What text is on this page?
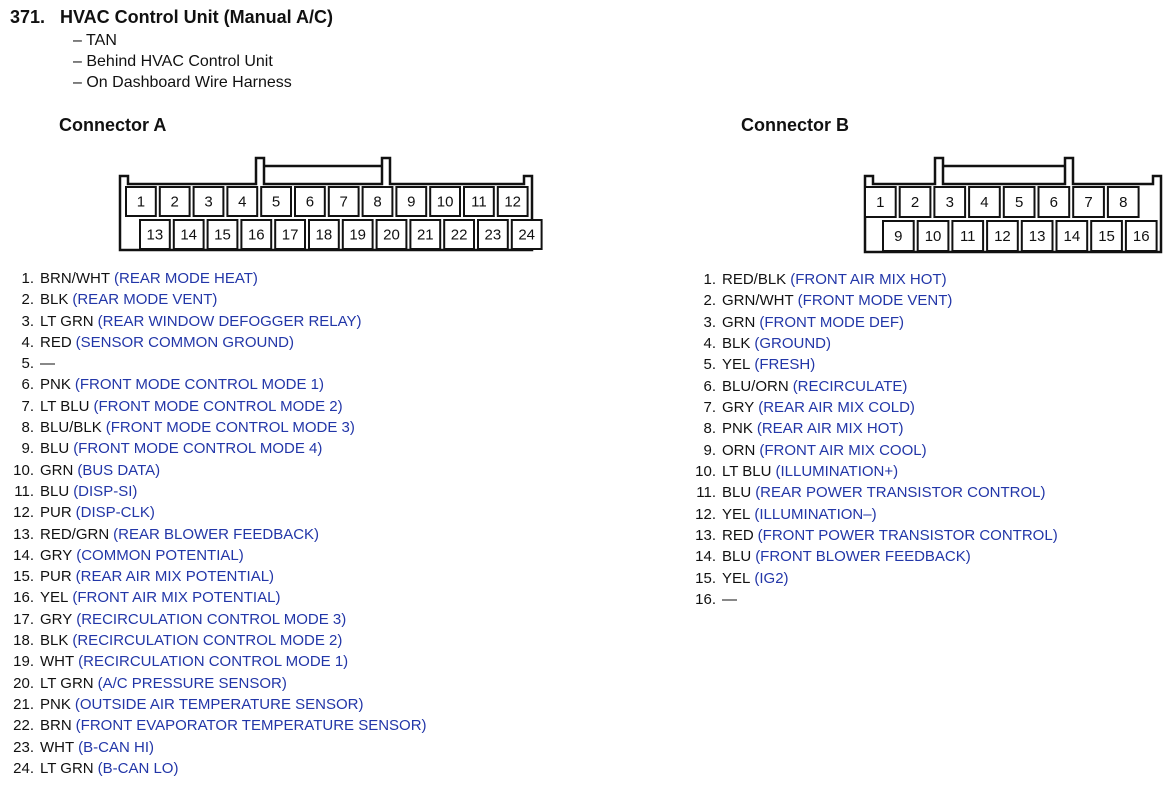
371. HVAC Control Unit (Manual A/C)
– TAN
– Behind HVAC Control Unit
– On Dashboard Wire Harness
Connector A	Connector B
1 2 3 4 5 6 7 8 9 10 11 12
13 14 15 16 17 18 19 20 21 22 23 24
1 2 3 4 5 6 7 8
9 10 11 12 13 14 15 16
1. BRN/WHT (REAR MODE HEAT)
2. BLK (REAR MODE VENT)
3. LT GRN (REAR WINDOW DEFOGGER RELAY)
4. RED (SENSOR COMMON GROUND)
5. —
6. PNK (FRONT MODE CONTROL MODE 1)
7. LT BLU (FRONT MODE CONTROL MODE 2)
8. BLU/BLK (FRONT MODE CONTROL MODE 3)
9. BLU (FRONT MODE CONTROL MODE 4)
10. GRN (BUS DATA)
11. BLU (DISP-SI)
12. PUR (DISP-CLK)
13. RED/GRN (REAR BLOWER FEEDBACK)
14. GRY (COMMON POTENTIAL)
15. PUR (REAR AIR MIX POTENTIAL)
16. YEL (FRONT AIR MIX POTENTIAL)
17. GRY (RECIRCULATION CONTROL MODE 3)
18. BLK (RECIRCULATION CONTROL MODE 2)
19. WHT (RECIRCULATION CONTROL MODE 1)
20. LT GRN (A/C PRESSURE SENSOR)
21. PNK (OUTSIDE AIR TEMPERATURE SENSOR)
22. BRN (FRONT EVAPORATOR TEMPERATURE SENSOR)
23. WHT (B-CAN HI)
24. LT GRN (B-CAN LO)
1. RED/BLK (FRONT AIR MIX HOT)
2. GRN/WHT (FRONT MODE VENT)
3. GRN (FRONT MODE DEF)
4. BLK (GROUND)
5. YEL (FRESH)
6. BLU/ORN (RECIRCULATE)
7. GRY (REAR AIR MIX COLD)
8. PNK (REAR AIR MIX HOT)
9. ORN (FRONT AIR MIX COOL)
10. LT BLU (ILLUMINATION+)
11. BLU (REAR POWER TRANSISTOR CONTROL)
12. YEL (ILLUMINATION–)
13. RED (FRONT POWER TRANSISTOR CONTROL)
14. BLU (FRONT BLOWER FEEDBACK)
15. YEL (IG2)
16. —
